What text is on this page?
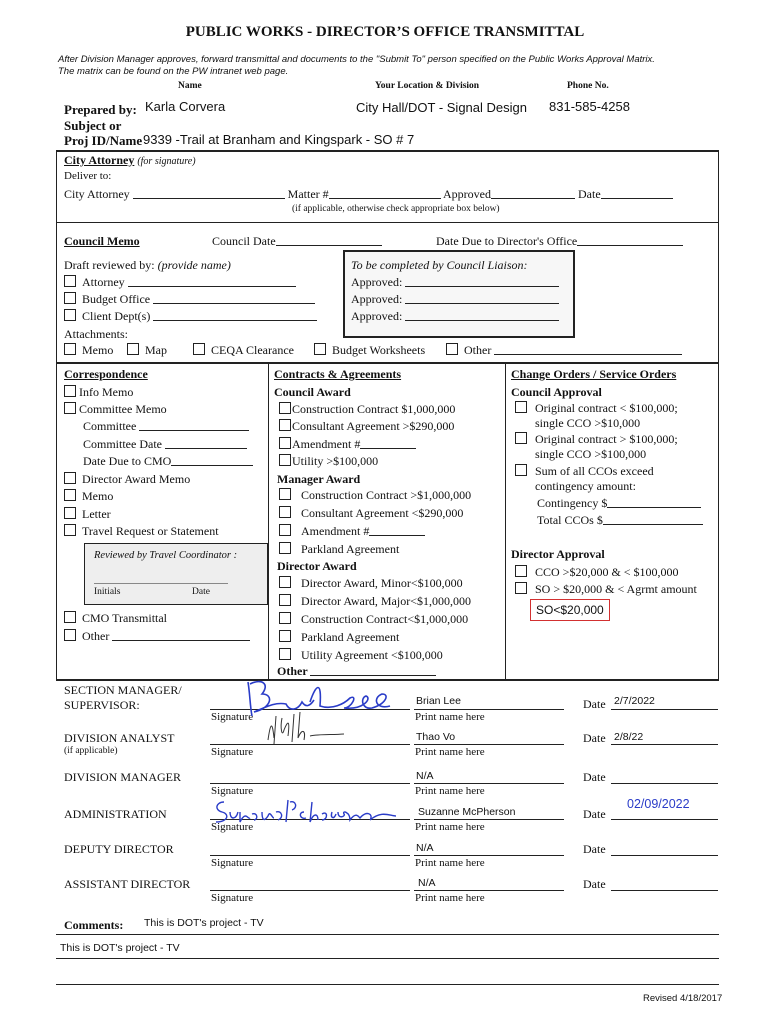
PUBLIC WORKS - DIRECTOR’S OFFICE TRANSMITTAL
After Division Manager approves, forward transmittal and documents to the "Submit To" person specified on the Public Works Approval Matrix.
The matrix can be found on the PW intranet web page.
Name	Your Location & Division	Phone No.
Prepared by: Karla Corvera	City Hall/DOT - Signal Design 831-585-4258
Subject or
Proj ID/Name 9339 -Trail at Branham and Kingspark - SO # 7
City Attorney (for signature)
Deliver to:
City Attorney	Matter #	Approved	Date
(if applicable, otherwise check appropriate box below)
Council Memo	Council Date	Date Due to Director's Office
Draft reviewed by: (provide name)
Attorney
Budget Office
Client Dept(s)
To be completed by Council Liaison:
Approved:
Approved:
Approved:
Attachments:
Memo	Map	CEQA Clearance	Budget Worksheets	Other
Correspondence
Info Memo
Committee Memo
Committee
Committee Date
Date Due to CMO
Director Award Memo
Memo
Letter
Travel Request or Statement
Reviewed by Travel Coordinator :
Initials	Date
CMO Transmittal
Other
Contracts & Agreements
Council Award
Construction Contract $1,000,000
Consultant Agreement >$290,000
Amendment #
Utility >$100,000
Manager Award
Construction Contract >$1,000,000
Consultant Agreement <$290,000
Amendment #
Parkland Agreement
Director Award
Director Award, Minor<$100,000
Director Award, Major<$1,000,000
Construction Contract<$1,000,000
Parkland Agreement
Utility Agreement <$100,000
Other
Change Orders / Service Orders
Council Approval
Original contract < $100,000;
single CCO >$10,000
Original contract > $100,000;
single CCO >$100,000
Sum of all CCOs exceed
contingency amount:
Contingency $
Total CCOs $
Director Approval
CCO >$20,000 & < $100,000
SO > $20,000 & < Agrmt amount
SO<$20,000
SECTION MANAGER/
SUPERVISOR:
Signature
Brian Lee
Print name here
Date 2/7/2022
DIVISION ANALYST
(if applicable)	Signature
Thao Vo
Print name here
Date 2/8/22
DIVISION MANAGER
Signature
N/A
Print name here
Date
ADMINISTRATION
Signature
Suzanne McPherson
Print name here
Date
02/09/2022
DEPUTY DIRECTOR
Signature
N/A
Print name here
Date
ASSISTANT DIRECTOR
Signature
N/A
Print name here
Date
Comments: This is DOT's project - TV
This is DOT's project - TV
Revised 4/18/2017
